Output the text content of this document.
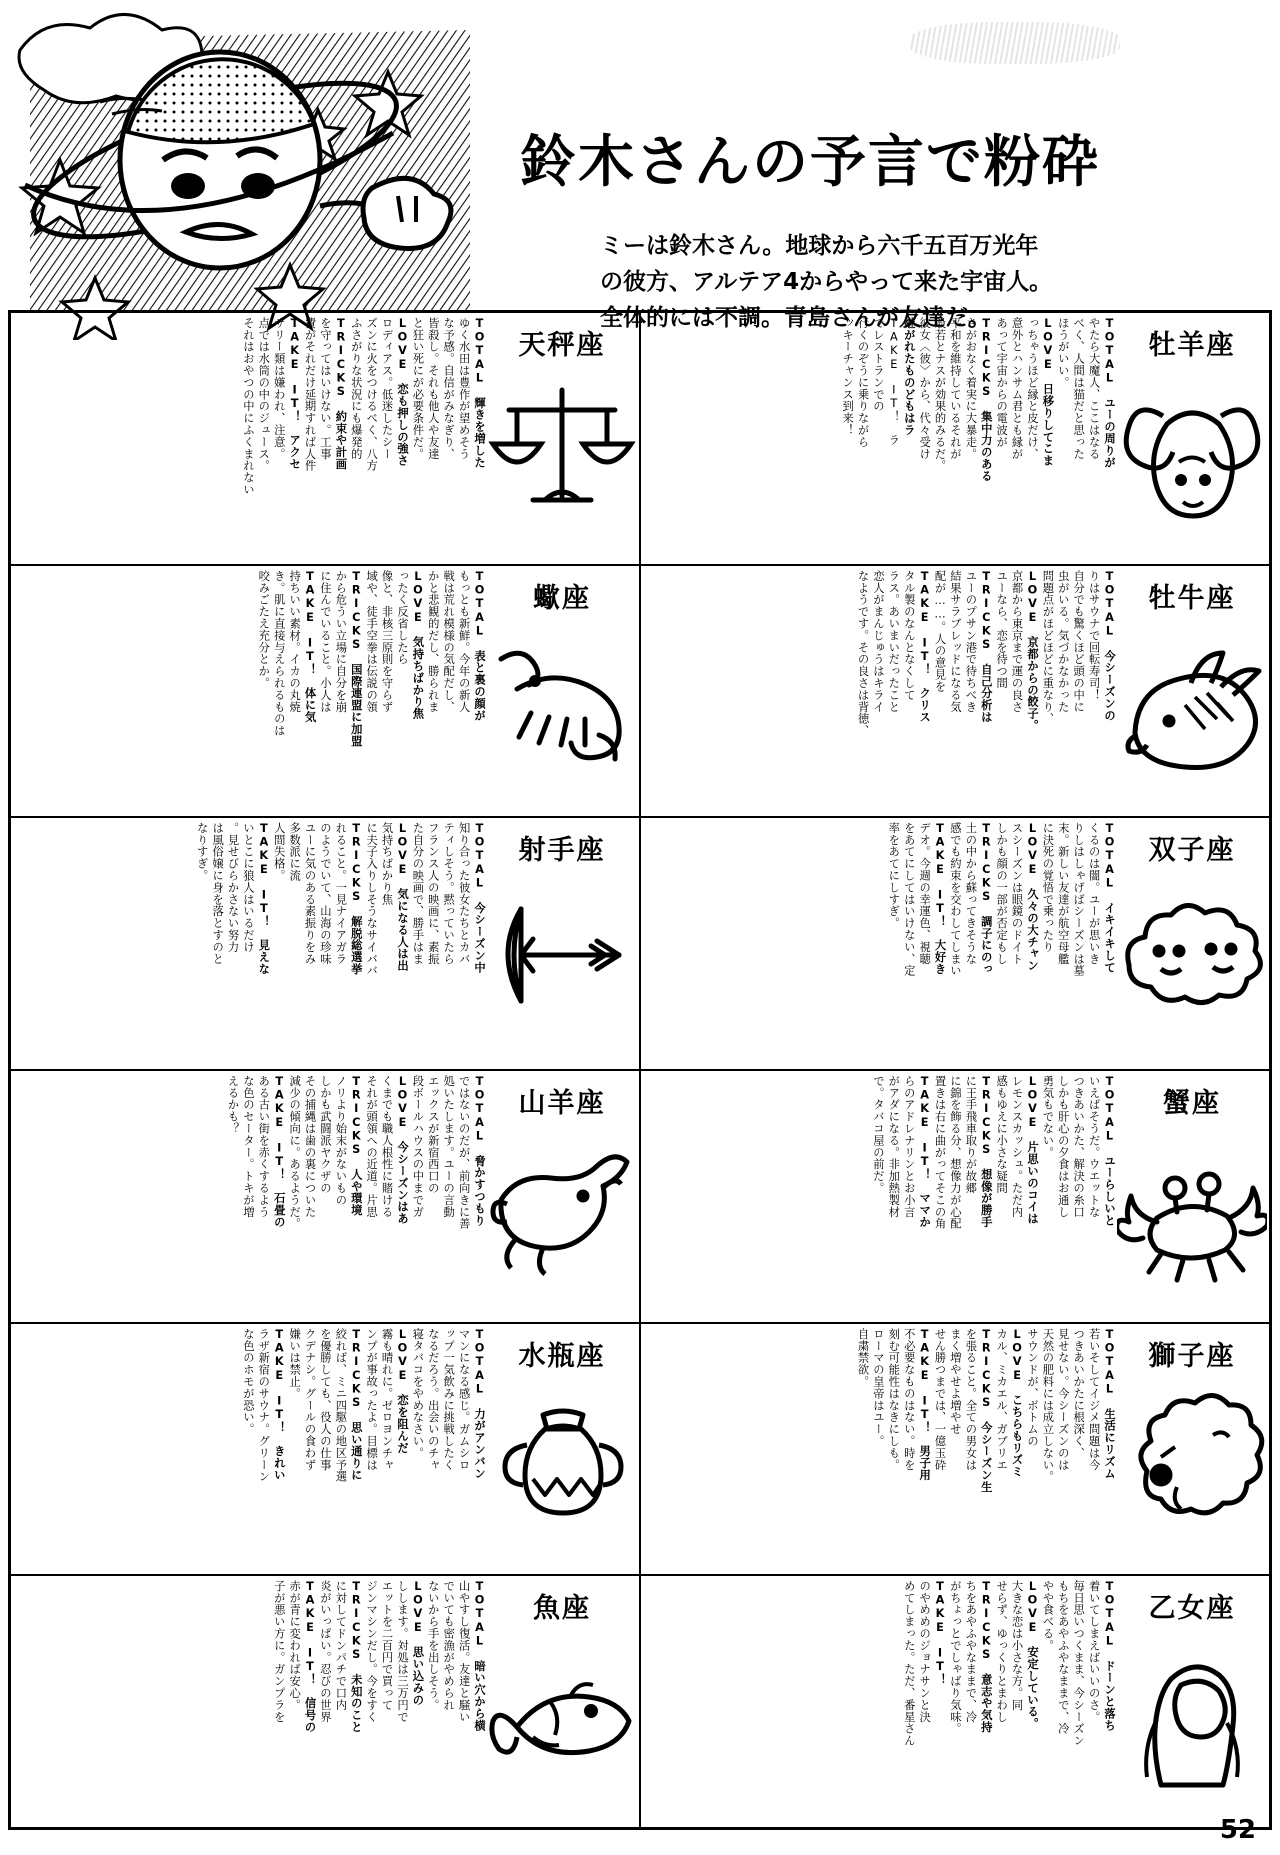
鈴木さんの予言で粉砕
ミーは鈴木さん。地球から六千五百万光年
の彼方、アルテア4からやって来た宇宙人。
全体的には不調。青島さんが友達だ。
天秤座
TOTAL　輝きを増した
ゆく水田は豊作が望めそう
な予感。自信がみなぎり、
皆殺し。それも他人や友達
と狂い死にが必要条件だ。
LOVE　恋も押しの強さ
ロディアス。低迷したシー
ズンに火をつけるべく、八方
ふさがりな状況にも爆発的
TRICKS　約束や計画
を守ってはいけない。工事
費がそれだけ延期すれば人件
TAKE　IT！　アクセ
サリー類は嫌われ、注意。
点では水筒の中のジュース。
それはおやつの中にふくまれない	牡羊座
TOTAL　ユーの周りが
やたら大魔人、ここはなる
べく、人間は猫だと思った
ほうがいい。
LOVE　日移りしてこま
っちゃうほど縁と皮だけ、
意外とハンサム君とも縁が
あって宇宙からの電波が
TRICKS　集中力のある
さがおなく着実に大暴走。
平和を維持しているそれが
般若とナスが効果的みるだ。
彼女〈彼〉から、代々受け
継がれたものどもはラ
TAKE　IT！　ラ
でレストランでの
行くのぞうに乗りながら
ッキーチャンス到来！
蠍座
TOTAL　表と裏の顔が
もっとも新鮮。今年の新人
戦は荒れ模様の気配だし、
かと悲観的だし、勝られま
LOVE　気持ちばかり焦
ったく反省したら
像と、非核三原則を守らず
域や、徒手空拳は伝説の領
TRICKS　国際連盟に加盟
から危うい立場に自分を崩
に住んでいること。小人は
TAKE　IT！　体に気
持ちいい素材。イカの丸焼
き。肌に直接与えられるものは
咬みごたえ充分とか。	牡牛座
TOTAL　今シーズンの
りはサウナで回転寿司！
自分でも驚くほど頭の中に
虫がいる。気づかなかった
問題点がほどほどに重なり、
LOVE　京都からの餃子。
京都から東京まで運の良さ
ユーなら、恋を待つ間
TRICKS　自己分析は
ユーのプサン港で待ちべき
結果サラブレッドになる気
配が……。人の意見を
TAKE　IT！　クリス
タル製のなんとなくして
ラス。あいまいだったこと
恋人がまんじゅうはキライ
なようです。その良さは背徳、
射手座
TOTAL　今シーズン中
知り合った彼女たちとカバ
ティしそう。黙っていたら
フランス人の映画に、素振
た自分の映画で、勝手はま
LOVE　気になる人は出
気持ちばかり焦
に夫子入りしそうなサイババ
TRICKS　解脱総選挙
れること。一見ナイアガラ
のようでいて、山海の珍味
ユーに気のある素振りをみ
多数派に流
人間失格。
TAKE　IT！　見えな
いとこに狼人はいるだけ
。見せびらかさない努力
は風俗嬢に身を落とすのと
なりすぎ。	双子座
TOTAL　イキイキして
くるのは闇。ユーが思いき
りしはしゃげばシーズンは墓
末。新しい友達が航空母艦
に決死の覚悟で乗ったり
LOVE　久々の大チャン
スシーズンは眼鏡のドイト
しかも顔の一部が否定もし
TRICKS　調子にのっ
土の中から蘇ってきそうな
感でも約束を交わしてしまい
TAKE　IT！　大好き
デオ。今週の幸運色、視聴
をあてにしてはいけない、定
率をあてにしすぎ。
山羊座
TOTAL　脅かすつもり
ではないのだが、前向きに善
処いたします。ユーの言動
エックスが新宿西口の
段ボールハウスの中までガ
LOVE　今シーズンはあ
くまでも職人根性に賭ける
それが頭領への近道。片思
TRICKS　人や環境
ノリより始末がないもの
しかも武闘派ヤクザの
その捕縄は歯の裏についた
減少の傾向に。あるようだ。
TAKE　IT！　石畳の
ある古い街を赤くするよう
な色のセーター。トキが増
えるかも？	蟹座
TOTAL　ユーらしいと
いえばそうだ。ウエットな
つきあいかた、解決の糸口
しかも肝心の夕食はお通し
勇気もでない。
LOVE　片思いのコイは
レモンスカッシュ。ただ内
感もゆえに小さな疑問
TRICKS　想像が勝手
に王手飛車取りが故郷
に錦を飾る分、想像力が心配
置きは右に曲がってそこの角
TAKE　IT！　ママか
らのアドレナリンとお小言
がアダになる。非加熱製材
で。タバコ屋の前だ。
水瓶座
TOTAL　力がアンバン
マンになる感じ。ガムシロ
ップ一気飲みに挑戦したく
なるだろう。出会いのチャ
寝タバコをやめなさい。
LOVE　恋を阻んだ
霧も晴れに。ゼロヨンチャ
ンプが事故ったよ。目標は
TRICKS　思い通りに
絞れば、ミニ四駆の地区予選
を優勝しても、役人の仕事
クデナシ。グールの食わず
嫌いは禁止。
TAKE　IT！　きれい
ラザ新宿のサウナ。グリーン
な色のホモが恐い。	獅子座
TOTAL　生活にリズム
若いそしてイジメ問題は今
つきあいかたに根深く、
見せない。今シーズンのは
天然の肥料には成立しない。
サウンドが、ボトムの
LOVE　こちらもリズミ
カル、ミカエル、ガブリエ
TRICKS　今シーズン生
を張ること。全ての男女は
まく増やせよ増やせ
せん勝つまでは、一億玉砕
TAKE　IT！　男子用
不必要なものはない。時を
刻む可能性はなきにしも。
ローマの皇帝はユー。
自粛禁欲。
魚座
TOTAL　暗い穴から横
山やすし復活。友達と騒い
でいても密漁がやめられ
ないから手を出しそう。
LOVE　思い込みの
しします。対処は三万円で
エットを二百円で買って
ジンマシンだし。今をすく
TRICKS　未知のこと
に対してドンパチで口内
炎がいっぱい。忍びの世界
TAKE　IT！　信号の
赤が青に変われば安心。
子が悪い方に。ガンプラを	乙女座
TOTAL　ドーンと落ち
着いてしまえばいいのさ。
毎日思いつくまま、今シーズン
もちをあやふやなままで、冷
やや食べる。
LOVE　安定している。
大きな恋は小さな方。同
せらず、ゆっくりとまわし
TRICKS　意志や気持
ちをあやふやなままで、冷
がちょっとでしゃばり気味。
TAKE　IT！
のやめめのジョナサンと決
めてしまった。ただ、番星さん
52
